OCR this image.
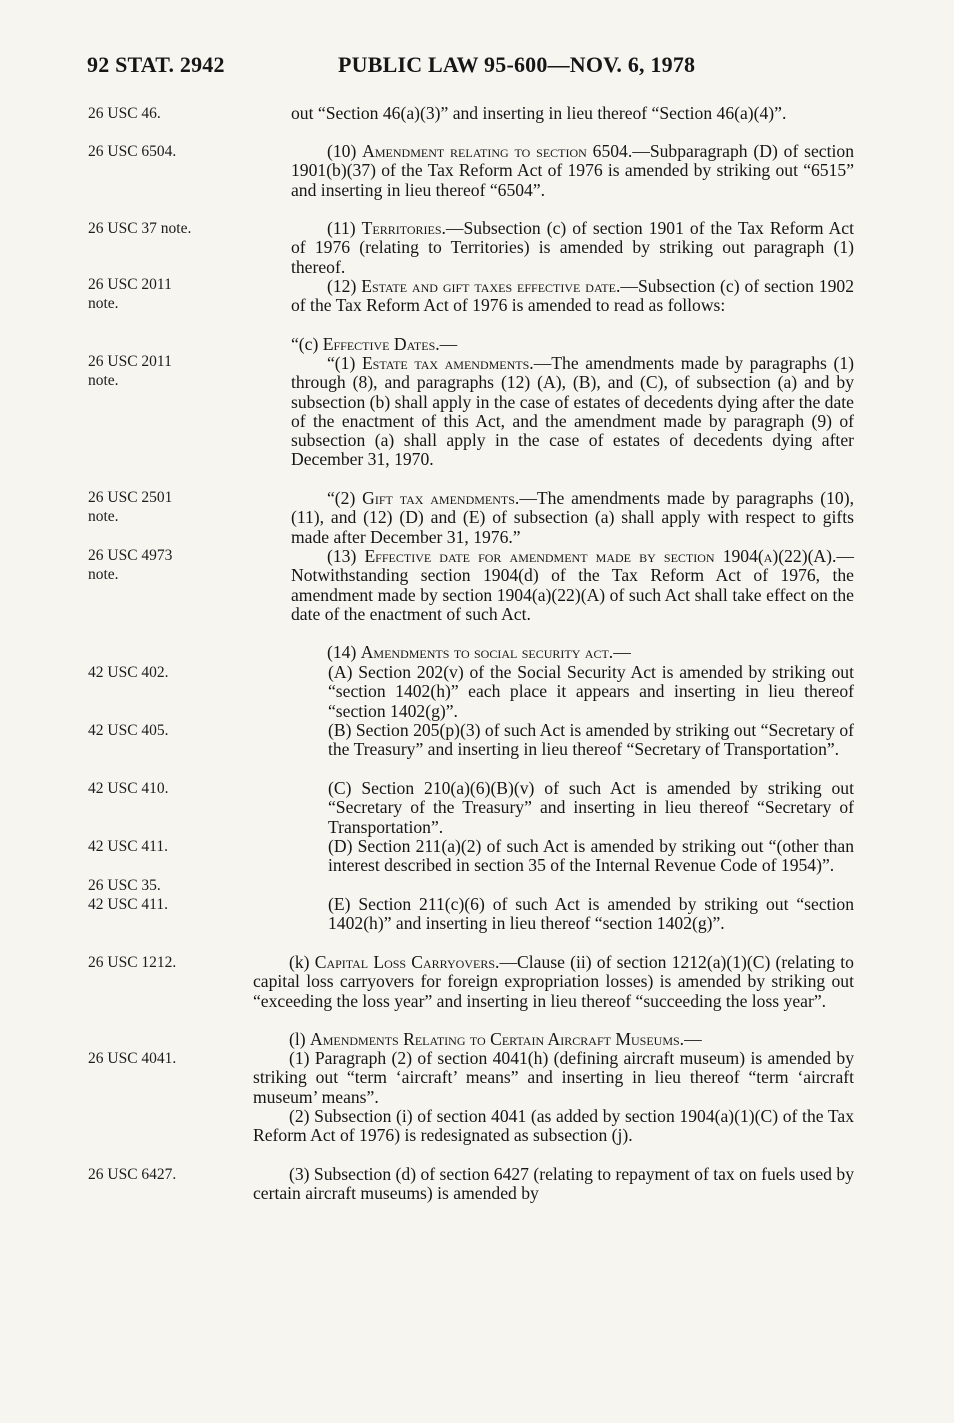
92 STAT. 2942	PUBLIC LAW 95-600—NOV. 6, 1978
26 USC 46.
26 USC 6504.
26 USC 37 note.
26 USC 2011 note.
26 USC 2011 note.
26 USC 2501 note.
26 USC 4973 note.
42 USC 402.
42 USC 405.
42 USC 410.
42 USC 411.
26 USC 35.
42 USC 411.
26 USC 1212.
26 USC 4041.
26 USC 6427.

out “Section 46(a)(3)” and inserting in lieu thereof “Section 46(a)(4)”.

(10) Amendment relating to section 6504.—Subparagraph (D) of section 1901(b)(37) of the Tax Reform Act of 1976 is amended by striking out “6515” and inserting in lieu thereof “6504”.

(11) Territories.—Subsection (c) of section 1901 of the Tax Reform Act of 1976 (relating to Territories) is amended by striking out paragraph (1) thereof.

(12) Estate and gift taxes effective date.—Subsection (c) of section 1902 of the Tax Reform Act of 1976 is amended to read as follows:

“(c) Effective Dates.—

“(1) Estate tax amendments.—The amendments made by paragraphs (1) through (8), and paragraphs (12) (A), (B), and (C), of subsection (a) and by subsection (b) shall apply in the case of estates of decedents dying after the date of the enactment of this Act, and the amendment made by paragraph (9) of subsection (a) shall apply in the case of estates of decedents dying after December 31, 1970.

“(2) Gift tax amendments.—The amendments made by paragraphs (10), (11), and (12) (D) and (E) of subsection (a) shall apply with respect to gifts made after December 31, 1976.”

(13) Effective date for amendment made by section 1904(a)(22)(A).—Notwithstanding section 1904(d) of the Tax Reform Act of 1976, the amendment made by section 1904(a)(22)(A) of such Act shall take effect on the date of the enactment of such Act.

(14) Amendments to social security act.—

(A) Section 202(v) of the Social Security Act is amended by striking out “section 1402(h)” each place it appears and inserting in lieu thereof “section 1402(g)”.

(B) Section 205(p)(3) of such Act is amended by striking out “Secretary of the Treasury” and inserting in lieu thereof “Secretary of Transportation”.

(C) Section 210(a)(6)(B)(v) of such Act is amended by striking out “Secretary of the Treasury” and inserting in lieu thereof “Secretary of Transportation”.

(D) Section 211(a)(2) of such Act is amended by striking out “(other than interest described in section 35 of the Internal Revenue Code of 1954)”.

(E) Section 211(c)(6) of such Act is amended by striking out “section 1402(h)” and inserting in lieu thereof “section 1402(g)”.

(k) Capital Loss Carryovers.—Clause (ii) of section 1212(a)(1)(C) (relating to capital loss carryovers for foreign expropriation losses) is amended by striking out “exceeding the loss year” and inserting in lieu thereof “succeeding the loss year”.

(l) Amendments Relating to Certain Aircraft Museums.—

(1) Paragraph (2) of section 4041(h) (defining aircraft museum) is amended by striking out “term ‘aircraft’ means” and inserting in lieu thereof “term ‘aircraft museum’ means”.

(2) Subsection (i) of section 4041 (as added by section 1904(a)(1)(C) of the Tax Reform Act of 1976) is redesignated as subsection (j).

(3) Subsection (d) of section 6427 (relating to repayment of tax on fuels used by certain aircraft museums) is amended by
